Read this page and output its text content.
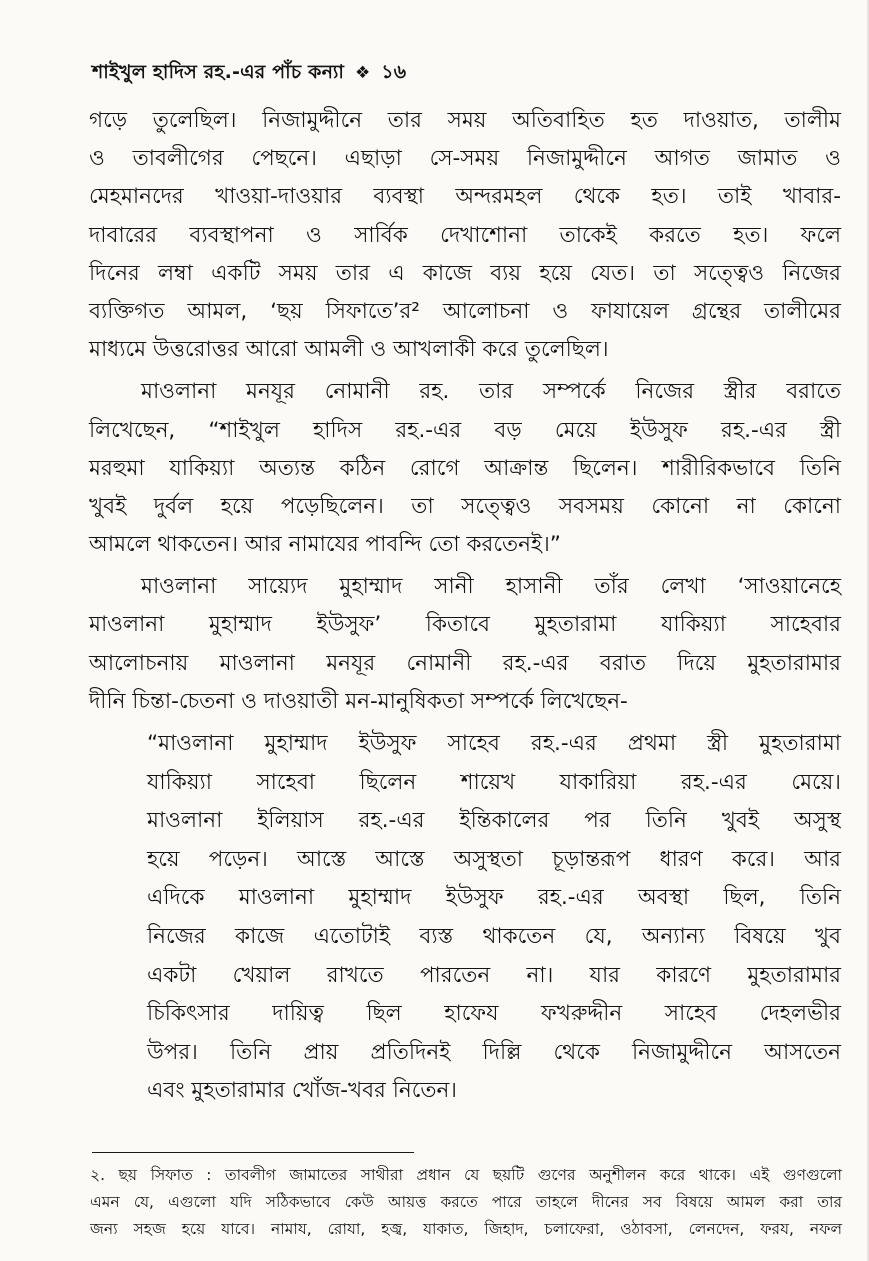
শাইখুল হাদিস রহ.-এর পাঁচ কন্যা ❖ ১৬
গড়ে তুলেছিল। নিজামুদ্দীনে তার সময় অতিবাহিত হত দাওয়াত, তালীম
ও তাবলীগের পেছনে। এছাড়া সে-সময় নিজামুদ্দীনে আগত জামাত ও
মেহমানদের খাওয়া-দাওয়ার ব্যবস্থা অন্দরমহল থেকে হত। তাই খাবার-
দাবারের ব্যবস্থাপনা ও সার্বিক দেখাশোনা তাকেই করতে হত। ফলে
দিনের লম্বা একটি সময় তার এ কাজে ব্যয় হয়ে যেত। তা সত্ত্বেও নিজের
ব্যক্তিগত আমল, ‘ছয় সিফাতে’র² আলোচনা ও ফাযায়েল গ্রন্থের তালীমের
মাধ্যমে উত্তরোত্তর আরো আমলী ও আখলাকী করে তুলেছিল।
মাওলানা মনযূর নোমানী রহ. তার সম্পর্কে নিজের স্ত্রীর বরাতে
লিখেছেন, “শাইখুল হাদিস রহ.-এর বড় মেয়ে ইউসুফ রহ.-এর স্ত্রী
মরহুমা যাকিয়্যা অত্যন্ত কঠিন রোগে আক্রান্ত ছিলেন। শারীরিকভাবে তিনি
খুবই দুর্বল হয়ে পড়েছিলেন। তা সত্ত্বেও সবসময় কোনো না কোনো
আমলে থাকতেন। আর নামাযের পাবন্দি তো করতেনই।”
মাওলানা সায়্যেদ মুহাম্মাদ সানী হাসানী তাঁর লেখা ‘সাওয়ানেহে
মাওলানা মুহাম্মাদ ইউসুফ’ কিতাবে মুহতারামা যাকিয়্যা সাহেবার
আলোচনায় মাওলানা মনযূর নোমানী রহ.-এর বরাত দিয়ে মুহতারামার
দীনি চিন্তা-চেতনা ও দাওয়াতী মন-মানুষিকতা সম্পর্কে লিখেছেন-
“মাওলানা মুহাম্মাদ ইউসুফ সাহেব রহ.-এর প্রথমা স্ত্রী মুহতারামা
যাকিয়্যা সাহেবা ছিলেন শায়েখ যাকারিয়া রহ.-এর মেয়ে।
মাওলানা ইলিয়াস রহ.-এর ইন্তিকালের পর তিনি খুবই অসুস্থ
হয়ে পড়েন। আস্তে আস্তে অসুস্থতা চূড়ান্তরূপ ধারণ করে। আর
এদিকে মাওলানা মুহাম্মাদ ইউসুফ রহ.-এর অবস্থা ছিল, তিনি
নিজের কাজে এতোটাই ব্যস্ত থাকতেন যে, অন্যান্য বিষয়ে খুব
একটা খেয়াল রাখতে পারতেন না। যার কারণে মুহতারামার
চিকিৎসার দায়িত্ব ছিল হাফেয ফখরুদ্দীন সাহেব দেহলভীর
উপর। তিনি প্রায় প্রতিদিনই দিল্লি থেকে নিজামুদ্দীনে আসতেন
এবং মুহতারামার খোঁজ-খবর নিতেন।
২. ছয় সিফাত : তাবলীগ জামাতের সাথীরা প্রধান যে ছয়টি গুণের অনুশীলন করে থাকে। এই গুণগুলো
এমন যে, এগুলো যদি সঠিকভাবে কেউ আয়ত্ত করতে পারে তাহলে দীনের সব বিষয়ে আমল করা তার
জন্য সহজ হয়ে যাবে। নামায, রোযা, হজ্ব, যাকাত, জিহাদ, চলাফেরা, ওঠাবসা, লেনদেন, ফরয, নফল
